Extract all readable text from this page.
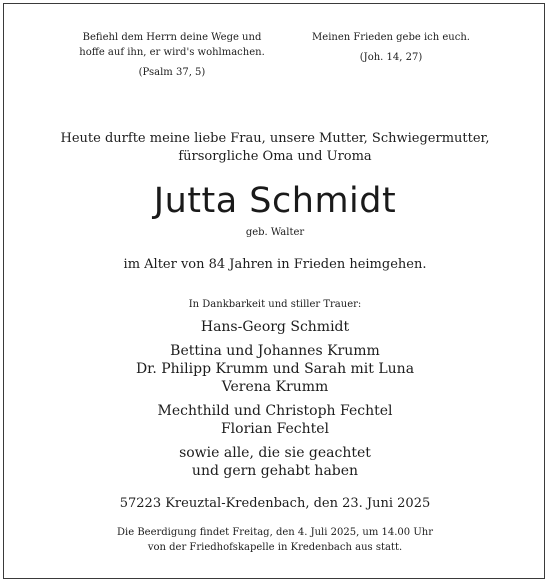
Befiehl dem Herrn deine Wege und
hoffe auf ihn, er wird's wohlmachen.
(Psalm 37, 5)
Meinen Frieden gebe ich euch.
(Joh. 14, 27)
Heute durfte meine liebe Frau, unsere Mutter, Schwiegermutter,
fürsorgliche Oma und Uroma
Jutta Schmidt
geb. Walter
im Alter von 84 Jahren in Frieden heimgehen.
In Dankbarkeit und stiller Trauer:
Hans-Georg Schmidt
Bettina und Johannes Krumm
Dr. Philipp Krumm und Sarah mit Luna
Verena Krumm
Mechthild und Christoph Fechtel
Florian Fechtel
sowie alle, die sie geachtet
und gern gehabt haben
57223 Kreuztal-Kredenbach, den 23. Juni 2025
Die Beerdigung findet Freitag, den 4. Juli 2025, um 14.00 Uhr
von der Friedhofskapelle in Kredenbach aus statt.
